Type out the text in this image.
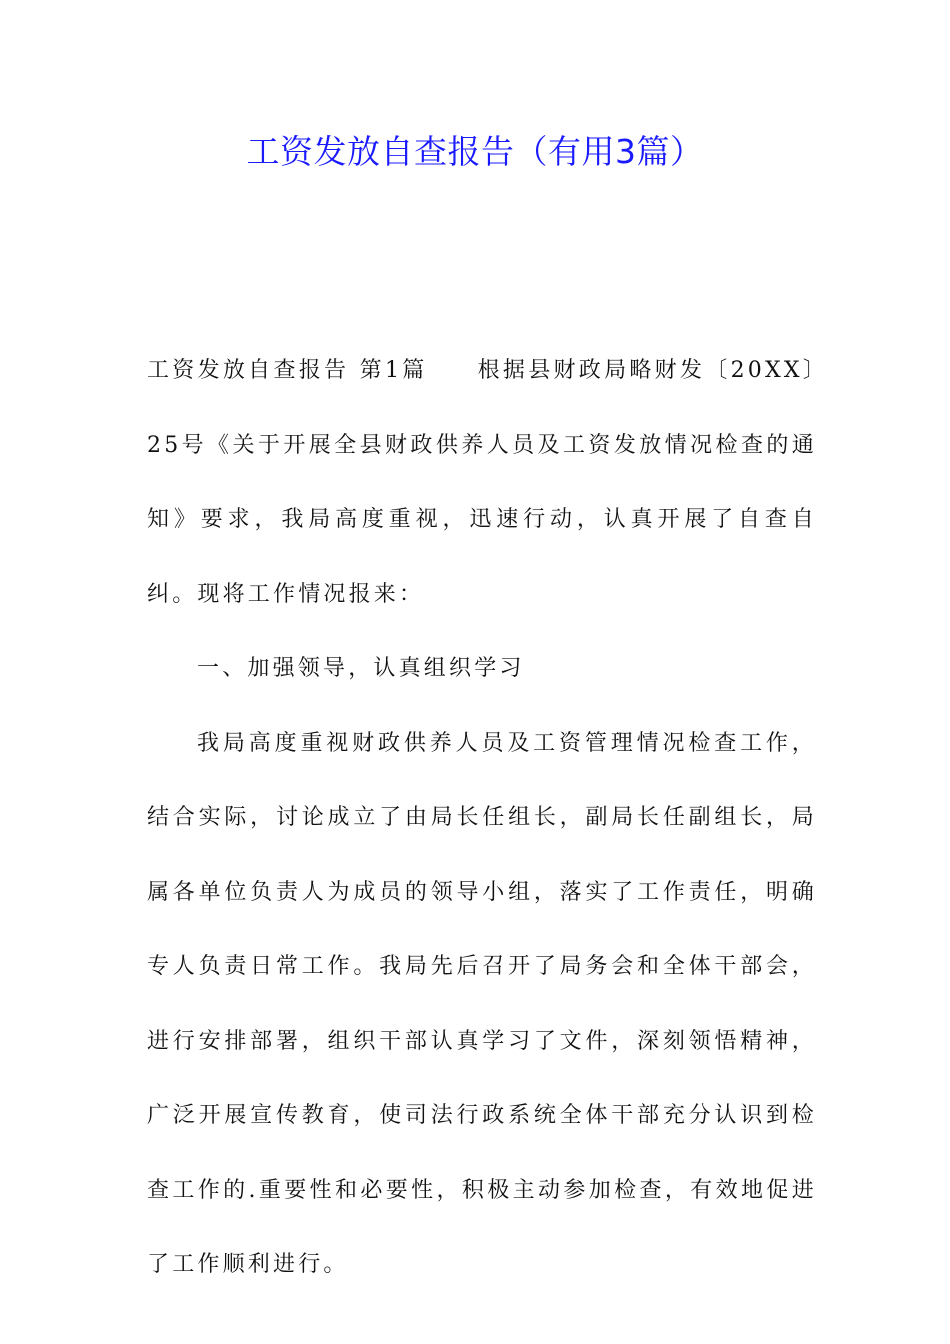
工资发放自查报告（有用3篇）

工资发放自查报告 第1篇 根据县财政局略财发〔20XX〕25号《关于开展全县财政供养人员及工资发放情况检查的通知》要求，我局高度重视，迅速行动，认真开展了自查自纠。现将工作情况报来：

一、加强领导，认真组织学习

我局高度重视财政供养人员及工资管理情况检查工作，结合实际，讨论成立了由局长任组长，副局长任副组长，局属各单位负责人为成员的领导小组，落实了工作责任，明确专人负责日常工作。我局先后召开了局务会和全体干部会，进行安排部署，组织干部认真学习了文件，深刻领悟精神，广泛开展宣传教育，使司法行政系统全体干部充分认识到检查工作的.重要性和必要性，积极主动参加检查，有效地促进了工作顺利进行。
